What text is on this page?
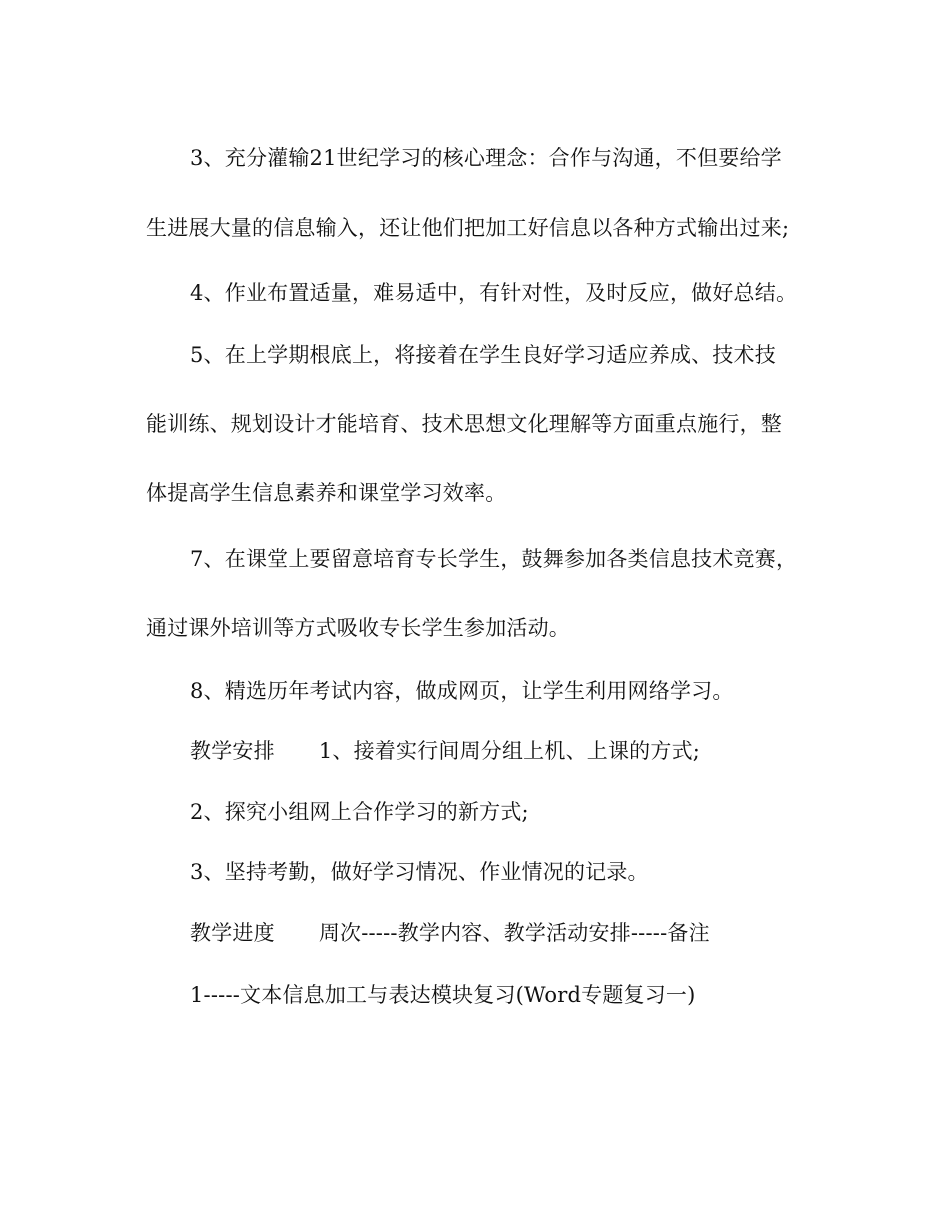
3、充分灌输21世纪学习的核心理念：合作与沟通，不但要给学
生进展大量的信息输入，还让他们把加工好信息以各种方式输出过来;
4、作业布置适量，难易适中，有针对性，及时反应，做好总结。
5、在上学期根底上，将接着在学生良好学习适应养成、技术技
能训练、规划设计才能培育、技术思想文化理解等方面重点施行，整
体提高学生信息素养和课堂学习效率。
7、在课堂上要留意培育专长学生，鼓舞参加各类信息技术竞赛，
通过课外培训等方式吸收专长学生参加活动。
8、精选历年考试内容，做成网页，让学生利用网络学习。
教学安排 1、接着实行间周分组上机、上课的方式;
2、探究小组网上合作学习的新方式;
3、坚持考勤，做好学习情况、作业情况的记录。
教学进度 周次-----教学内容、教学活动安排-----备注
1-----文本信息加工与表达模块复习(Word专题复习一)
